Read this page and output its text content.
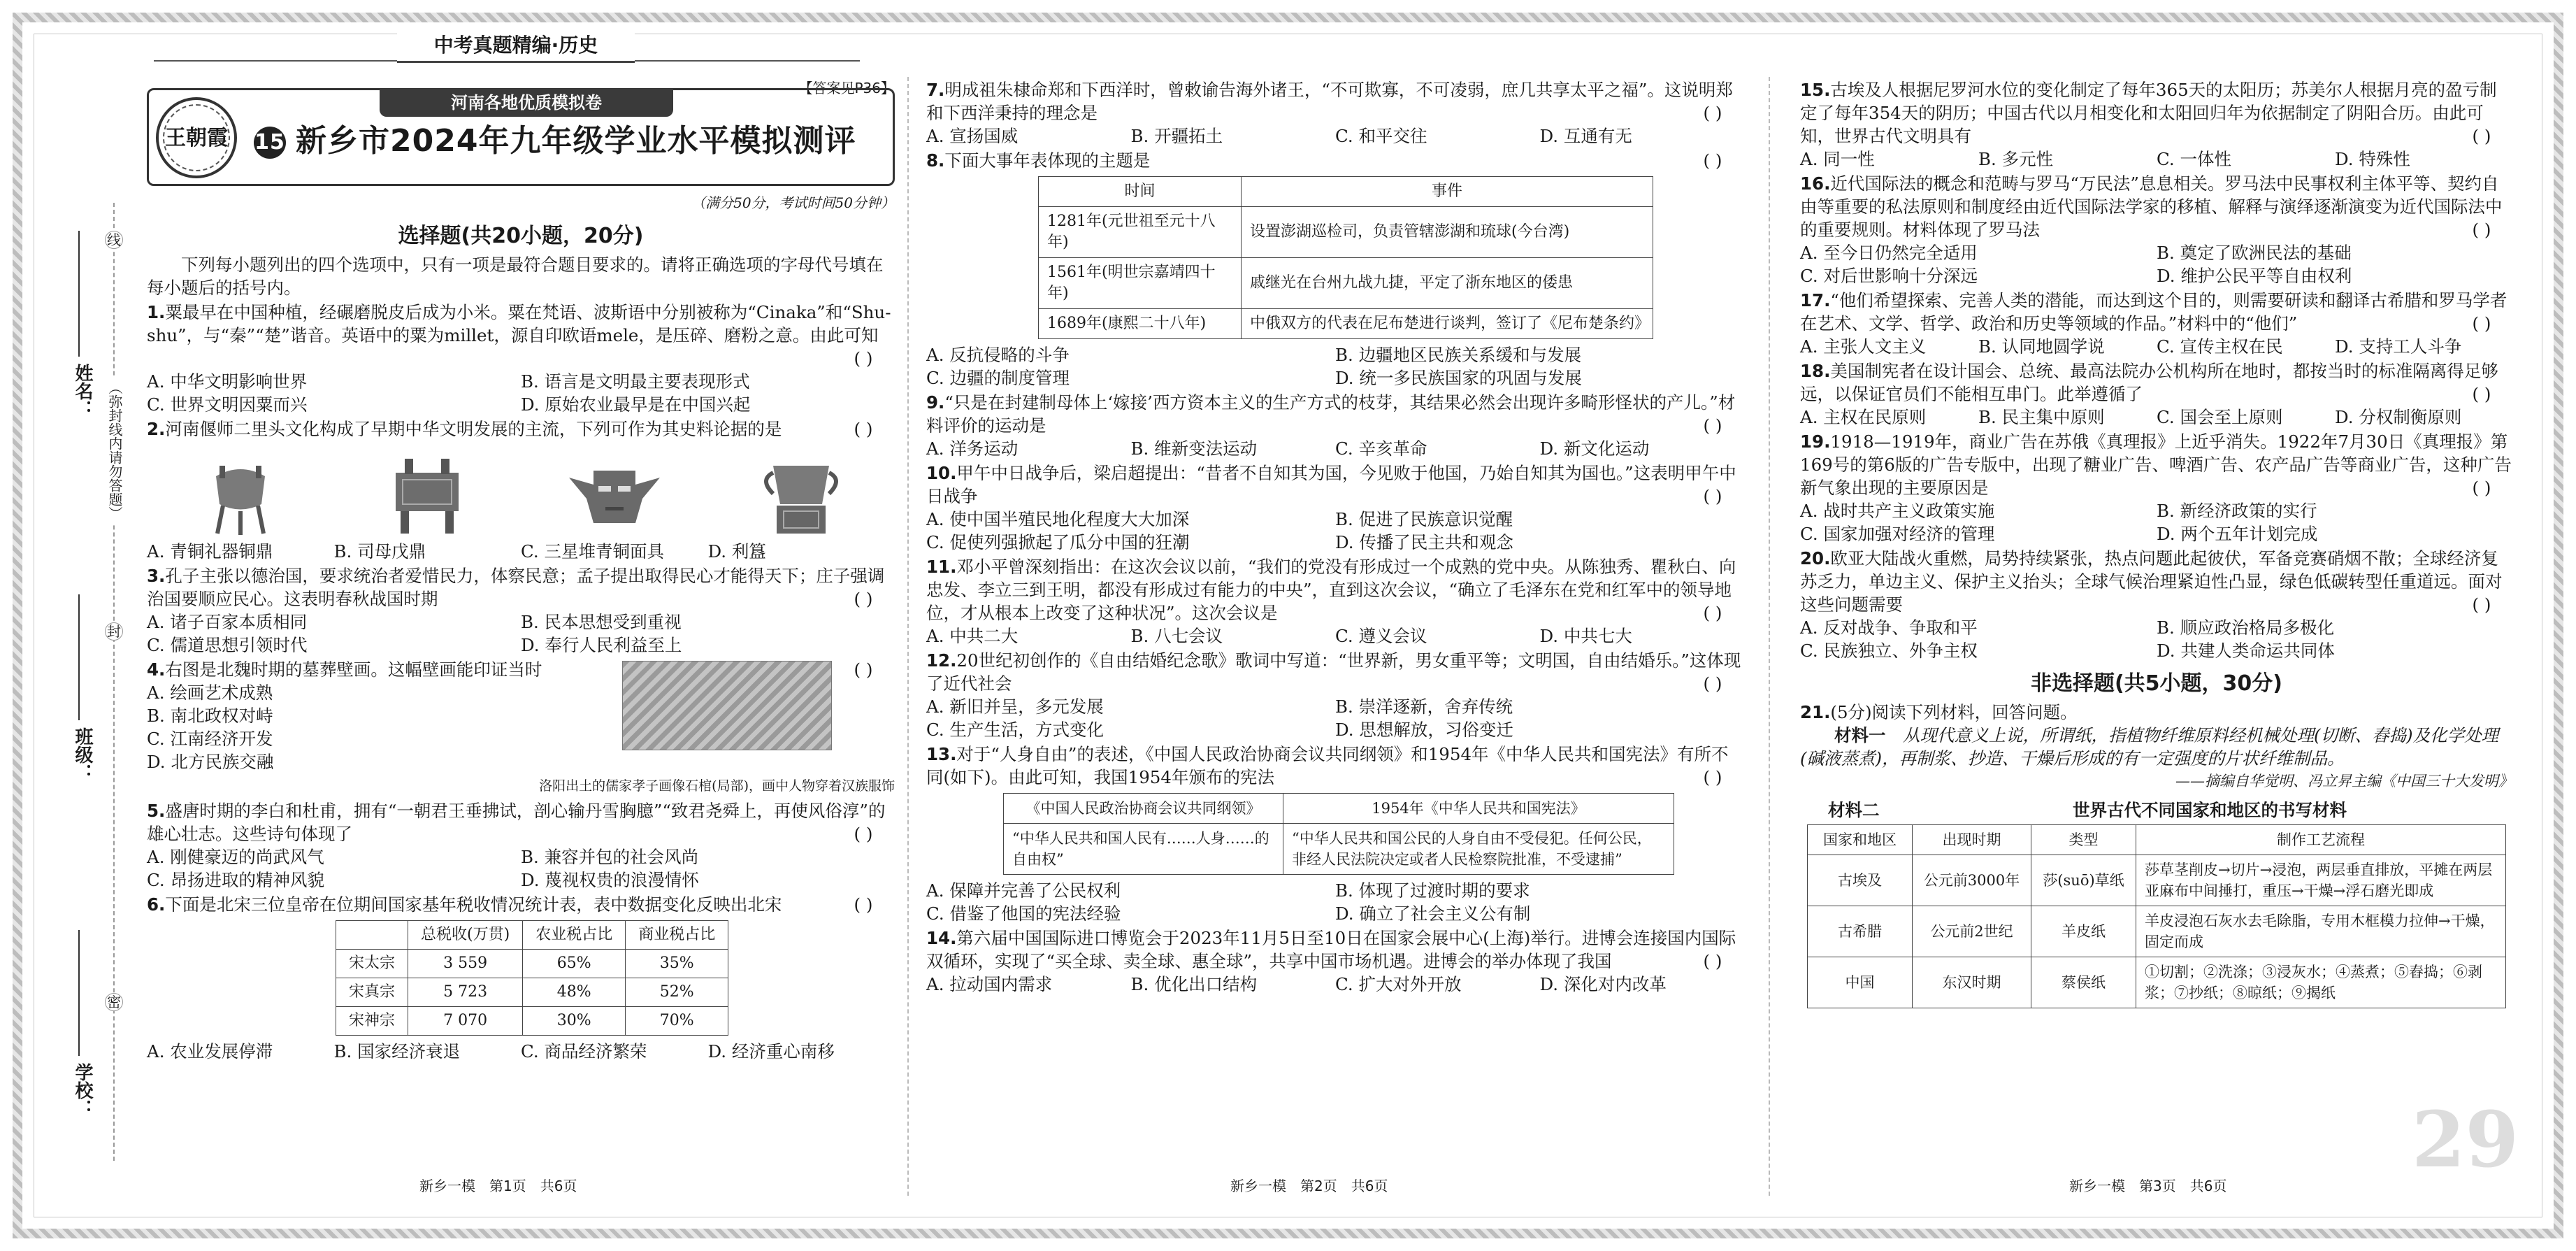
中考真题精编·历史
姓名： （弥封线内请勿答题）
班级：
学校：
线
封
密
【答案见P36】
王朝霞
河南各地优质模拟卷
15 新乡市2024年九年级学业水平模拟测评
（满分50分，考试时间50分钟）
选择题(共20小题，20分)
下列每小题列出的四个选项中，只有一项是最符合题目要求的。请将正确选项的字母代号填在每小题后的括号内。
1.粟最早在中国种植，经碾磨脱皮后成为小米。粟在梵语、波斯语中分别被称为“Cinaka”和“Shu-shu”，与“秦”“楚”谐音。英语中的粟为millet，源自印欧语mele，是压碎、磨粉之意。由此可知
( )
A. 中华文明影响世界	B. 语言是文明最主要表现形式
C. 世界文明因粟而兴	D. 原始农业最早是在中国兴起
2.河南偃师二里头文化构成了早期中华文明发展的主流，下列可作为其史料论据的是	( )
A. 青铜礼器铜鼎	B. 司母戊鼎	C. 三星堆青铜面具	D. 利簋
3.孔子主张以德治国，要求统治者爱惜民力，体察民意；孟子提出取得民心才能得天下；庄子强调治国要顺应民心。这表明春秋战国时期	( )
A. 诸子百家本质相同	B. 民本思想受到重视
C. 儒道思想引领时代	D. 奉行人民利益至上
4.右图是北魏时期的墓葬壁画。这幅壁画能印证当时	( )
A. 绘画艺术成熟
B. 南北政权对峙
C. 江南经济开发
D. 北方民族交融
洛阳出土的儒家孝子画像石棺(局部)，画中人物穿着汉族服饰
5.盛唐时期的李白和杜甫，拥有“一朝君王垂拂试，剖心输丹雪胸臆”“致君尧舜上，再使风俗淳”的雄心壮志。这些诗句体现了	( )
A. 刚健豪迈的尚武风气	B. 兼容并包的社会风尚
C. 昂扬进取的精神风貌	D. 蔑视权贵的浪漫情怀
6.下面是北宋三位皇帝在位期间国家基年税收情况统计表，表中数据变化反映出北宋	( )
	总税收(万贯)	农业税占比	商业税占比
宋太宗	3 559	65%	35%
宋真宗	5 723	48%	52%
宋神宗	7 070	30%	70%
A. 农业发展停滞	B. 国家经济衰退	C. 商品经济繁荣	D. 经济重心南移
7.明成祖朱棣命郑和下西洋时，曾敕谕告海外诸王，“不可欺寡，不可凌弱，庶几共享太平之福”。这说明郑和下西洋秉持的理念是	( )
A. 宣扬国威	B. 开疆拓土	C. 和平交往	D. 互通有无
8.下面大事年表体现的主题是	( )
时间	事件
1281年(元世祖至元十八年)	设置澎湖巡检司，负责管辖澎湖和琉球(今台湾)
1561年(明世宗嘉靖四十年)	戚继光在台州九战九捷，平定了浙东地区的倭患
1689年(康熙二十八年)	中俄双方的代表在尼布楚进行谈判，签订了《尼布楚条约》
A. 反抗侵略的斗争	B. 边疆地区民族关系缓和与发展
C. 边疆的制度管理	D. 统一多民族国家的巩固与发展
9.“只是在封建制母体上‘嫁接’西方资本主义的生产方式的枝芽，其结果必然会出现许多畸形怪状的产儿。”材料评价的运动是	( )
A. 洋务运动	B. 维新变法运动	C. 辛亥革命	D. 新文化运动
10.甲午中日战争后，梁启超提出：“昔者不自知其为国，今见败于他国，乃始自知其为国也。”这表明甲午中日战争	( )
A. 使中国半殖民地化程度大大加深	B. 促进了民族意识觉醒
C. 促使列强掀起了瓜分中国的狂潮	D. 传播了民主共和观念
11.邓小平曾深刻指出：在这次会议以前，“我们的党没有形成过一个成熟的党中央。从陈独秀、瞿秋白、向忠发、李立三到王明，都没有形成过有能力的中央”，直到这次会议，“确立了毛泽东在党和红军中的领导地位，才从根本上改变了这种状况”。这次会议是	( )
A. 中共二大	B. 八七会议	C. 遵义会议	D. 中共七大
12.20世纪初创作的《自由结婚纪念歌》歌词中写道：“世界新，男女重平等；文明国，自由结婚乐。”这体现了近代社会	( )
A. 新旧并呈，多元发展	B. 崇洋逐新，舍弃传统
C. 生产生活，方式变化	D. 思想解放，习俗变迁
13.对于“人身自由”的表述，《中国人民政治协商会议共同纲领》和1954年《中华人民共和国宪法》有所不同(如下)。由此可知，我国1954年颁布的宪法	( )
《中国人民政治协商会议共同纲领》	1954年《中华人民共和国宪法》
“中华人民共和国人民有……人身……的自由权”	“中华人民共和国公民的人身自由不受侵犯。任何公民，非经人民法院决定或者人民检察院批准，不受逮捕”
A. 保障并完善了公民权利	B. 体现了过渡时期的要求
C. 借鉴了他国的宪法经验	D. 确立了社会主义公有制
14.第六届中国国际进口博览会于2023年11月5日至10日在国家会展中心(上海)举行。进博会连接国内国际双循环，实现了“买全球、卖全球、惠全球”，共享中国市场机遇。进博会的举办体现了我国	( )
A. 拉动国内需求	B. 优化出口结构	C. 扩大对外开放	D. 深化对内改革
15.古埃及人根据尼罗河水位的变化制定了每年365天的太阳历；苏美尔人根据月亮的盈亏制定了每年354天的阴历；中国古代以月相变化和太阳回归年为依据制定了阴阳合历。由此可知，世界古代文明具有	( )
A. 同一性	B. 多元性	C. 一体性	D. 特殊性
16.近代国际法的概念和范畴与罗马“万民法”息息相关。罗马法中民事权利主体平等、契约自由等重要的私法原则和制度经由近代国际法学家的移植、解释与演绎逐渐演变为近代国际法中的重要规则。材料体现了罗马法	( )
A. 至今日仍然完全适用	B. 奠定了欧洲民法的基础
C. 对后世影响十分深远	D. 维护公民平等自由权利
17.“他们希望探索、完善人类的潜能，而达到这个目的，则需要研读和翻译古希腊和罗马学者在艺术、文学、哲学、政治和历史等领域的作品。”材料中的“他们”	( )
A. 主张人文主义	B. 认同地圆学说	C. 宣传主权在民	D. 支持工人斗争
18.美国制宪者在设计国会、总统、最高法院办公机构所在地时，都按当时的标准隔离得足够远，以保证官员们不能相互串门。此举遵循了	( )
A. 主权在民原则	B. 民主集中原则	C. 国会至上原则	D. 分权制衡原则
19.1918—1919年，商业广告在苏俄《真理报》上近乎消失。1922年7月30日《真理报》第169号的第6版的广告专版中，出现了糖业广告、啤酒广告、农产品广告等商业广告，这种广告新气象出现的主要原因是	( )
A. 战时共产主义政策实施	B. 新经济政策的实行
C. 国家加强对经济的管理	D. 两个五年计划完成
20.欧亚大陆战火重燃，局势持续紧张，热点问题此起彼伏，军备竞赛硝烟不散；全球经济复苏乏力，单边主义、保护主义抬头；全球气候治理紧迫性凸显，绿色低碳转型任重道远。面对这些问题需要	( )
A. 反对战争、争取和平	B. 顺应政治格局多极化
C. 民族独立、外争主权	D. 共建人类命运共同体
非选择题(共5小题，30分)
21.(5分)阅读下列材料，回答问题。
材料一　 从现代意义上说，所谓纸，指植物纤维原料经机械处理(切断、舂捣)及化学处理(碱液蒸煮)，再制浆、抄造、干燥后形成的有一定强度的片状纤维制品。
——摘编自华觉明、冯立昇主编《中国三十大发明》
材料二	世界古代不同国家和地区的书写材料
国家和地区	出现时期	类型	制作工艺流程
古埃及	公元前3000年	莎(suō)草纸	莎草茎削皮→切片→浸泡，两层垂直排放，平摊在两层亚麻布中间捶打，重压→干燥→浮石磨光即成
古希腊	公元前2世纪	羊皮纸	羊皮浸泡石灰水去毛除脂，专用木框模力拉伸→干燥，固定而成
中国	东汉时期	蔡侯纸	①切割；②洗涤；③浸灰水；④蒸煮；⑤舂捣；⑥剥浆；⑦抄纸；⑧晾纸；⑨揭纸
29
新乡一模　第1页　共6页	新乡一模　第2页　共6页	新乡一模　第3页　共6页
